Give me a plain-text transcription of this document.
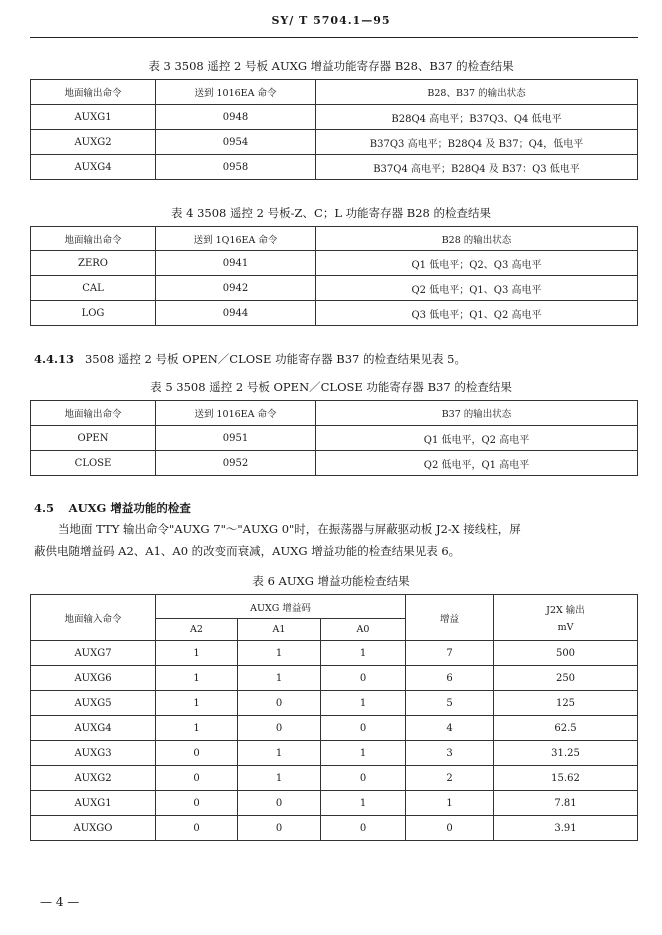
SY/ T 5704.1—95
表 3 3508 遥控 2 号板 AUXG 增益功能寄存器 B28、B37 的检查结果
地面输出命令	送到 1016EA 命令	B28、B37 的输出状态
AUXG1	0948	B28Q4 高电平；B37Q3、Q4 低电平
AUXG2	0954	B37Q3 高电平；B28Q4 及 B37；Q4，低电平
AUXG4	0958	B37Q4 高电平；B28Q4 及 B37：Q3 低电平
表 4 3508 遥控 2 号板-Z、C；L 功能寄存器 B28 的检查结果
地面输出命令	送到 1Q16EA 命令	B28 的输出状态
ZERO	0941	Q1 低电平；Q2、Q3 高电平
CAL	0942	Q2 低电平；Q1、Q3 高电平
LOG	0944	Q3 低电平；Q1、Q2 高电平
4.4.13 3508 遥控 2 号板 OPEN／CLOSE 功能寄存器 B37 的检查结果见表 5。
表 5 3508 遥控 2 号板 OPEN／CLOSE 功能寄存器 B37 的检查结果
地面输出命令	送到 1016EA 命令	B37 的输出状态
OPEN	0951	Q1 低电平，Q2 高电平
CLOSE	0952	Q2 低电平，Q1 高电平
4.5 AUXG 增益功能的检查
当地面 TTY 输出命令"AUXG 7"～"AUXG 0"时，在振荡器与屏蔽驱动板 J2-X 接线柱，屏
蔽供电随增益码 A2、A1、A0 的改变而衰减，AUXG 增益功能的检查结果见表 6。
表 6 AUXG 增益功能检查结果
地面输入命令	AUXG 增益码			增益	J2X 输出
mV

	A2	A1	A0		
AUXG7	1	1	1	7	500
AUXG6	1	1	0	6	250
AUXG5	1	0	1	5	125
AUXG4	1	0	0	4	62.5
AUXG3	0	1	1	3	31.25
AUXG2	0	1	0	2	15.62
AUXG1	0	0	1	1	7.81
AUXGO	0	0	0	0	3.91
— 4 —
